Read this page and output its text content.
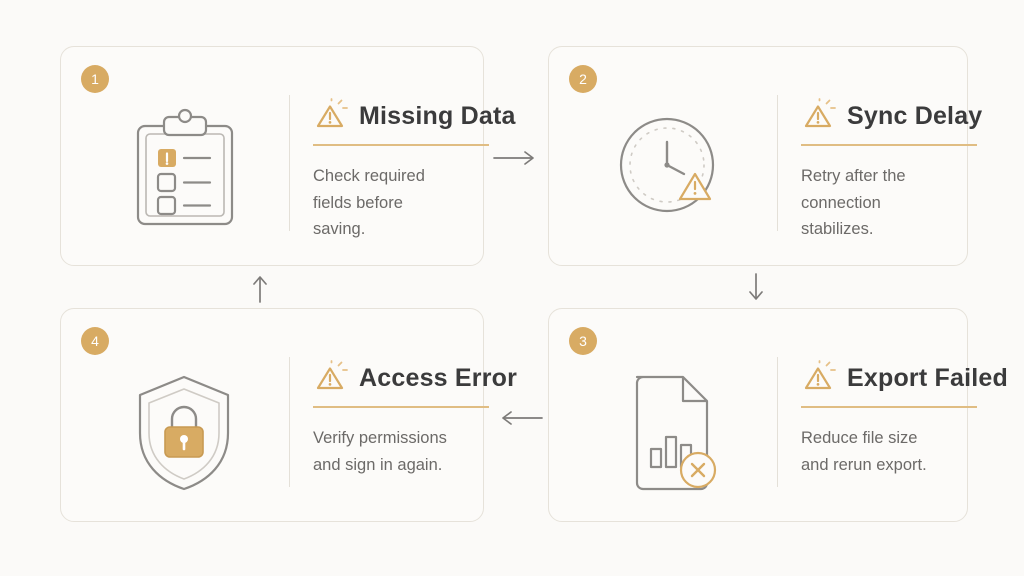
1
Missing Data
Check required fields before saving.
2
Sync Delay
Retry after the connection stabilizes.
3
Export Failed
Reduce file size and rerun export.
4
Access Error
Verify permissions and sign in again.
